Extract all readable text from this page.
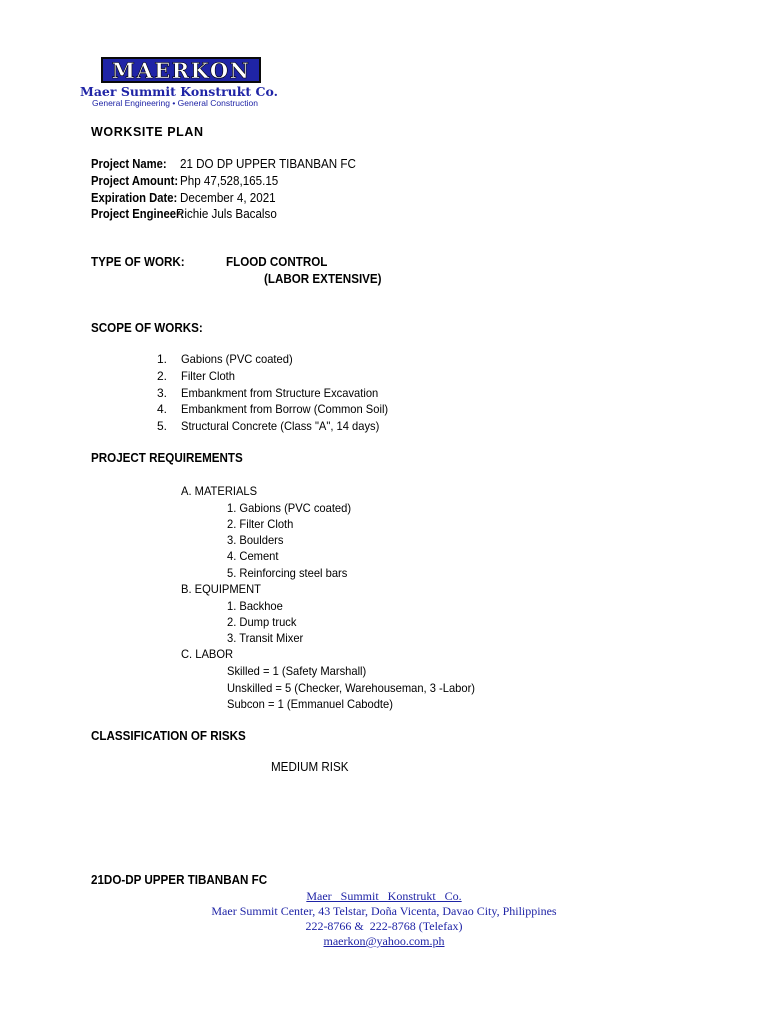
MAERKON
Maer Summit Konstrukt Co.
General Engineering • General Construction
WORKSITE PLAN
Project Name: 21 DO DP UPPER TIBANBAN FC
Project Amount: Php 47,528,165.15
Expiration Date: December 4, 2021
Project Engineer:
Richie Juls Bacalso
TYPE OF WORK:	FLOOD CONTROL
(LABOR EXTENSIVE)
SCOPE OF WORKS:
1. Gabions (PVC coated)
2. Filter Cloth
3. Embankment from Structure Excavation
4. Embankment from Borrow (Common Soil)
5. Structural Concrete (Class "A", 14 days)
PROJECT REQUIREMENTS
A. MATERIALS
1. Gabions (PVC coated)
2. Filter Cloth
3. Boulders
4. Cement
5. Reinforcing steel bars
B. EQUIPMENT
1. Backhoe
2. Dump truck
3. Transit Mixer
C. LABOR
Skilled = 1 (Safety Marshall)
Unskilled = 5 (Checker, Warehouseman, 3 -Labor)
Subcon = 1 (Emmanuel Cabodte)
CLASSIFICATION OF RISKS
MEDIUM RISK
21DO-DP UPPER TIBANBAN FC
Maer   Summit   Konstrukt   Co.
Maer Summit Center, 43 Telstar, Doña Vicenta, Davao City, Philippines
222-8766 &  222-8768 (Telefax)
maerkon@yahoo.com.ph
